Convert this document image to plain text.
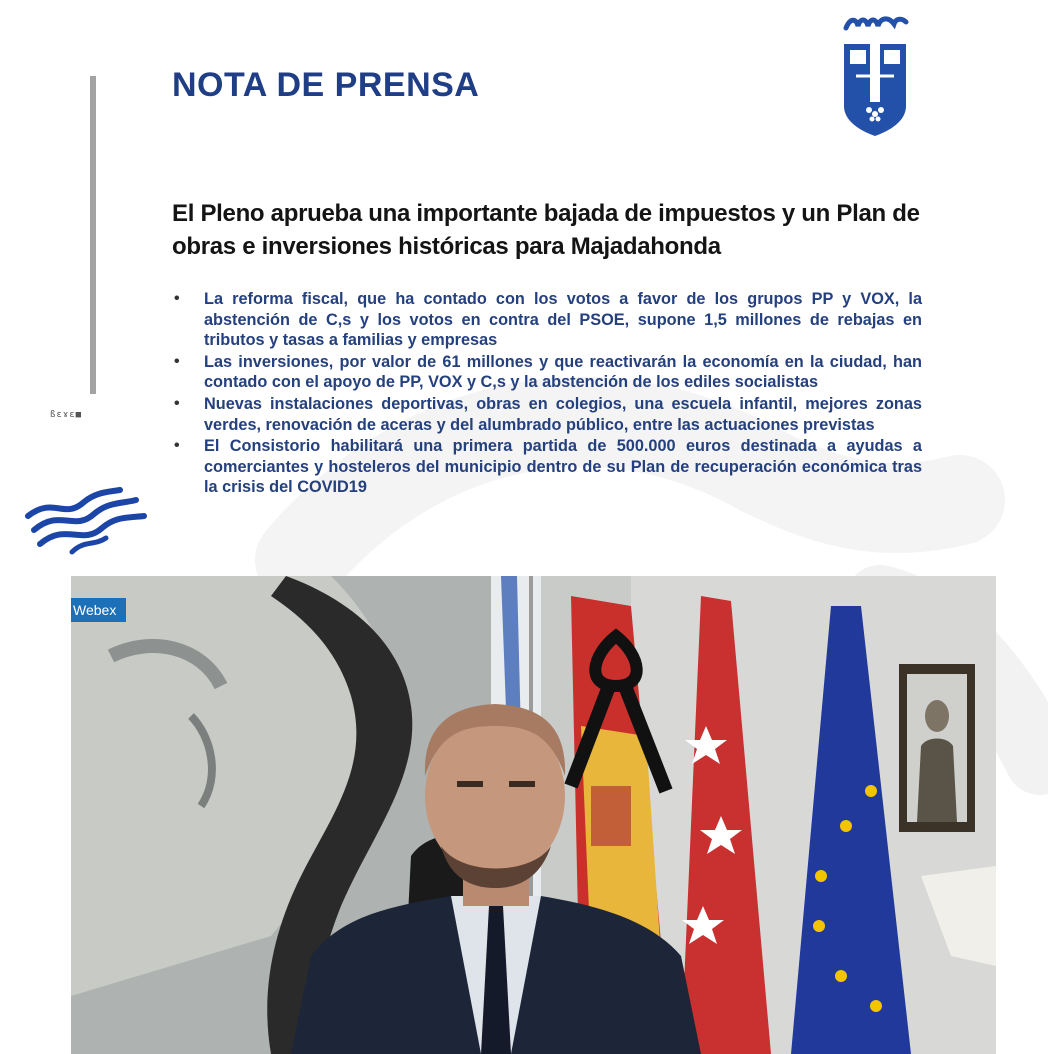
ßɛɤɛ■
NOTA DE PRENSA
El Pleno aprueba una importante bajada de impuestos y un Plan de obras e inversiones históricas para Majadahonda
• La reforma fiscal, que ha contado con los votos a favor de los grupos PP y VOX, la abstención de C,s y los votos en contra del PSOE, supone 1,5 millones de rebajas en tributos y tasas a familias y empresas
• Las inversiones, por valor de 61 millones y que reactivarán la economía en la ciudad, han contado con el apoyo de PP, VOX y C,s y la abstención de los ediles socialistas
• Nuevas instalaciones deportivas, obras en colegios, una escuela infantil, mejores zonas verdes, renovación de aceras y del alumbrado público, entre las actuaciones previstas
• El Consistorio habilitará una primera partida de 500.000 euros destinada a ayudas a comerciantes y hosteleros del municipio dentro de su Plan de recuperación económica tras la crisis del COVID19
Webex
